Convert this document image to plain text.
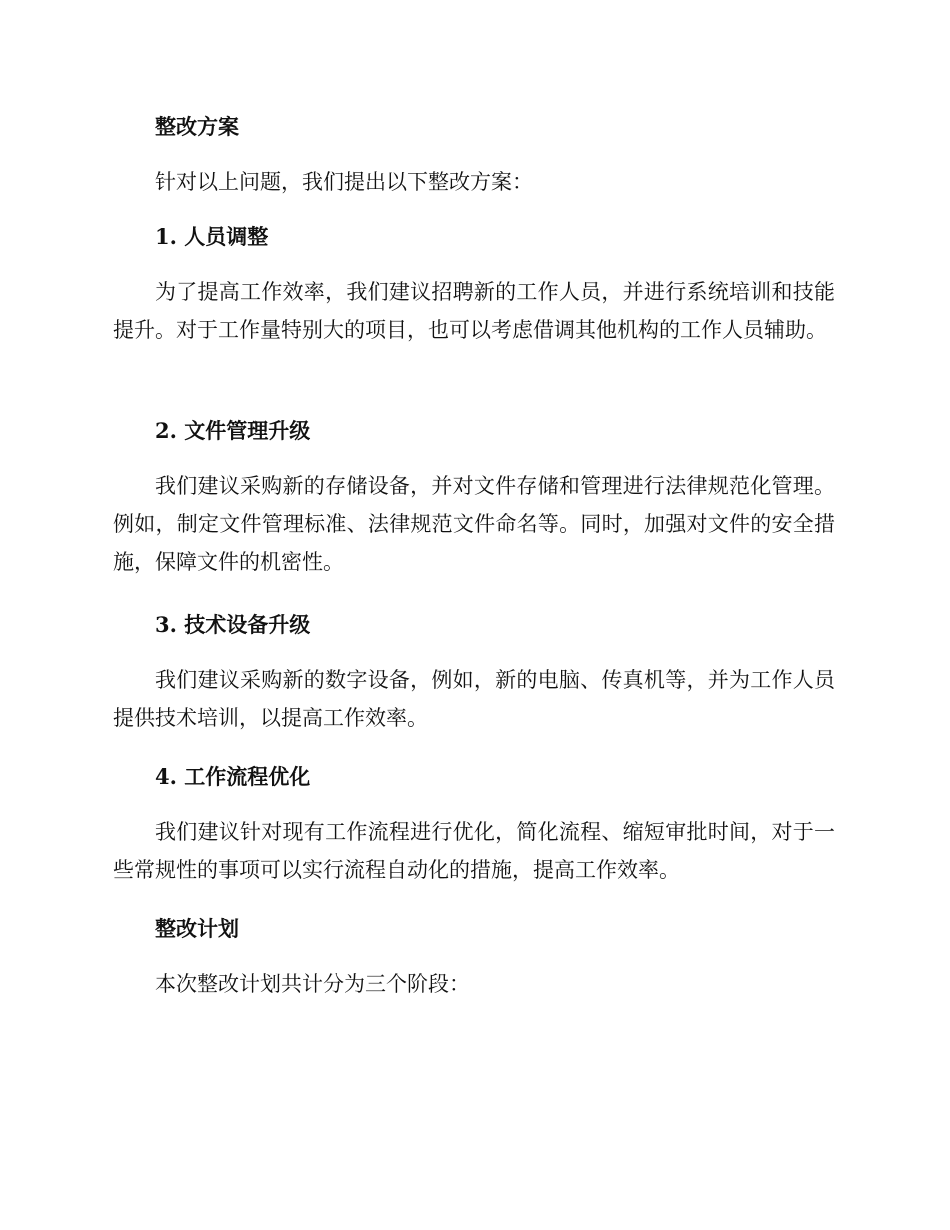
整改方案

针对以上问题，我们提出以下整改方案：

1. 人员调整

为了提高工作效率，我们建议招聘新的工作人员，并进行系统培训和技能提升。对于工作量特别大的项目，也可以考虑借调其他机构的工作人员辅助。

2. 文件管理升级

我们建议采购新的存储设备，并对文件存储和管理进行法律规范化管理。例如，制定文件管理标准、法律规范文件命名等。同时，加强对文件的安全措施，保障文件的机密性。

3. 技术设备升级

我们建议采购新的数字设备，例如，新的电脑、传真机等，并为工作人员提供技术培训，以提高工作效率。

4. 工作流程优化

我们建议针对现有工作流程进行优化，简化流程、缩短审批时间，对于一些常规性的事项可以实行流程自动化的措施，提高工作效率。

整改计划

本次整改计划共计分为三个阶段：
